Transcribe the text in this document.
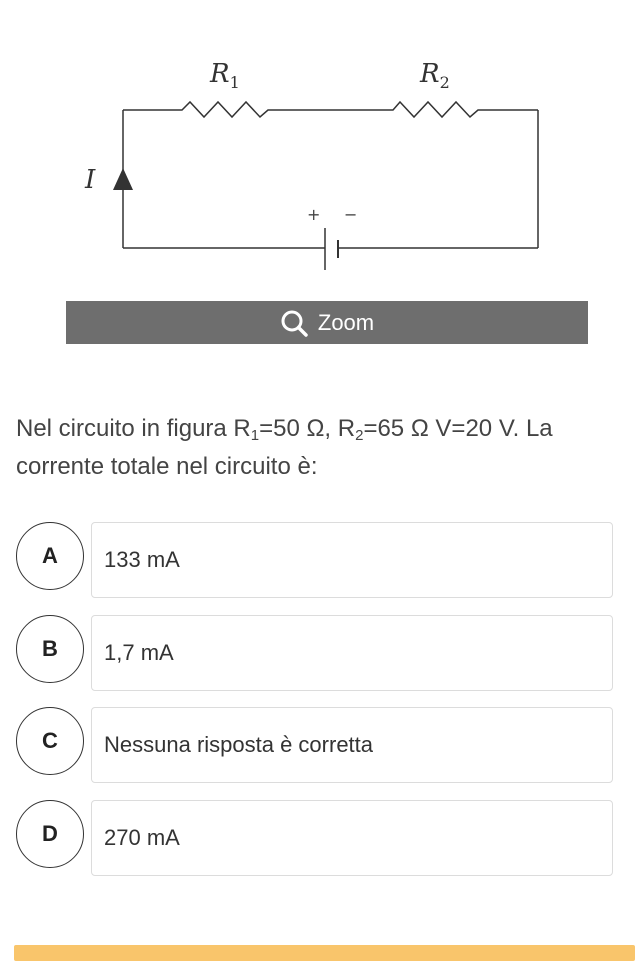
$R_1$	$R_2$
I
+ −
Zoom
Nel circuito in figura $R_1=50$ Ω, $R_2=65$ Ω V=20 V. La corrente totale nel circuito è:
A	133 mA
B	1,7 mA
C	Nessuna risposta è corretta
D	270 mA
